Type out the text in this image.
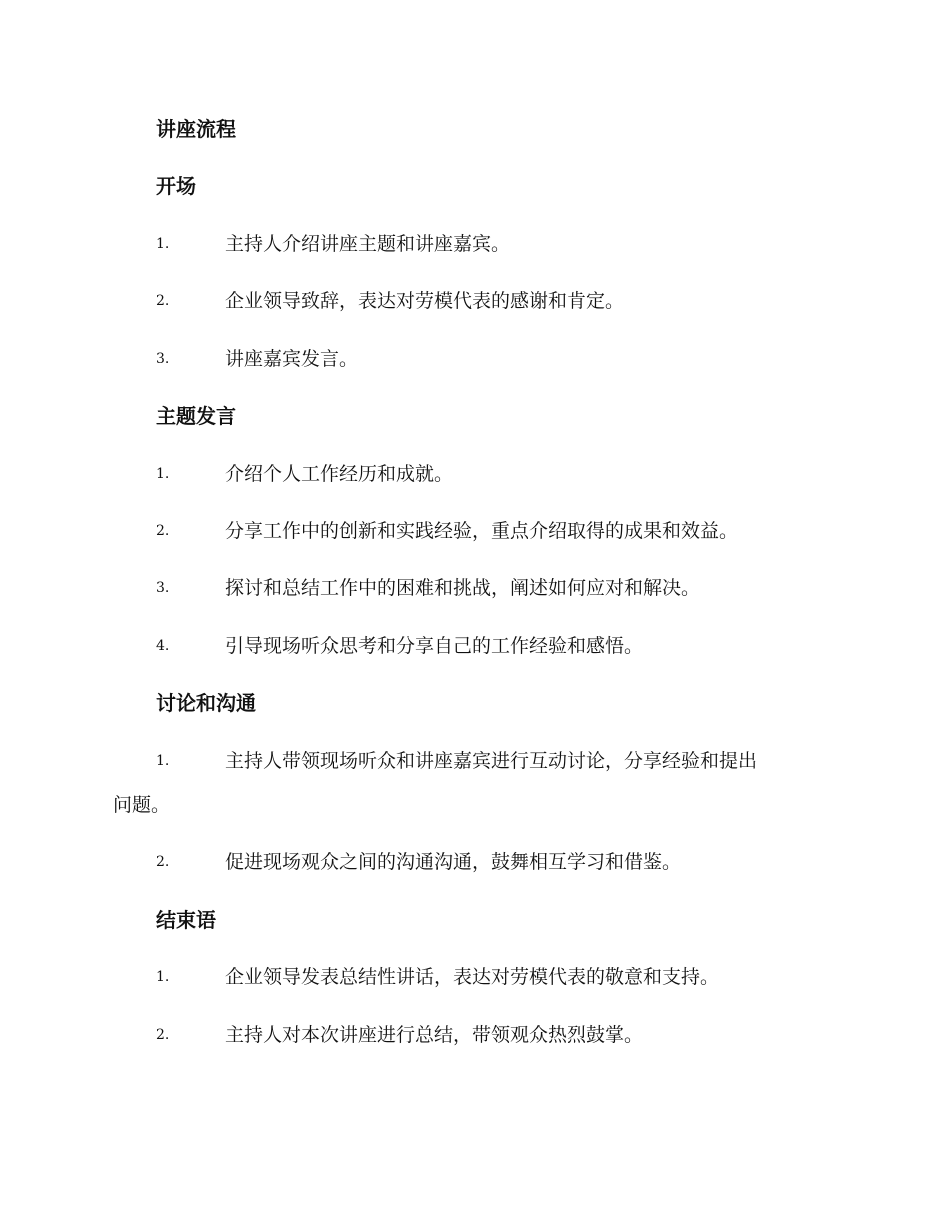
讲座流程
开场
1.	主持人介绍讲座主题和讲座嘉宾。
2.	企业领导致辞，表达对劳模代表的感谢和肯定。
3.	讲座嘉宾发言。
主题发言
1.	介绍个人工作经历和成就。
2.	分享工作中的创新和实践经验，重点介绍取得的成果和效益。
3.	探讨和总结工作中的困难和挑战，阐述如何应对和解决。
4.	引导现场听众思考和分享自己的工作经验和感悟。
讨论和沟通
1.	主持人带领现场听众和讲座嘉宾进行互动讨论，分享经验和提出
问题。
2.	促进现场观众之间的沟通沟通，鼓舞相互学习和借鉴。
结束语
1.	企业领导发表总结性讲话，表达对劳模代表的敬意和支持。
2.	主持人对本次讲座进行总结，带领观众热烈鼓掌。
